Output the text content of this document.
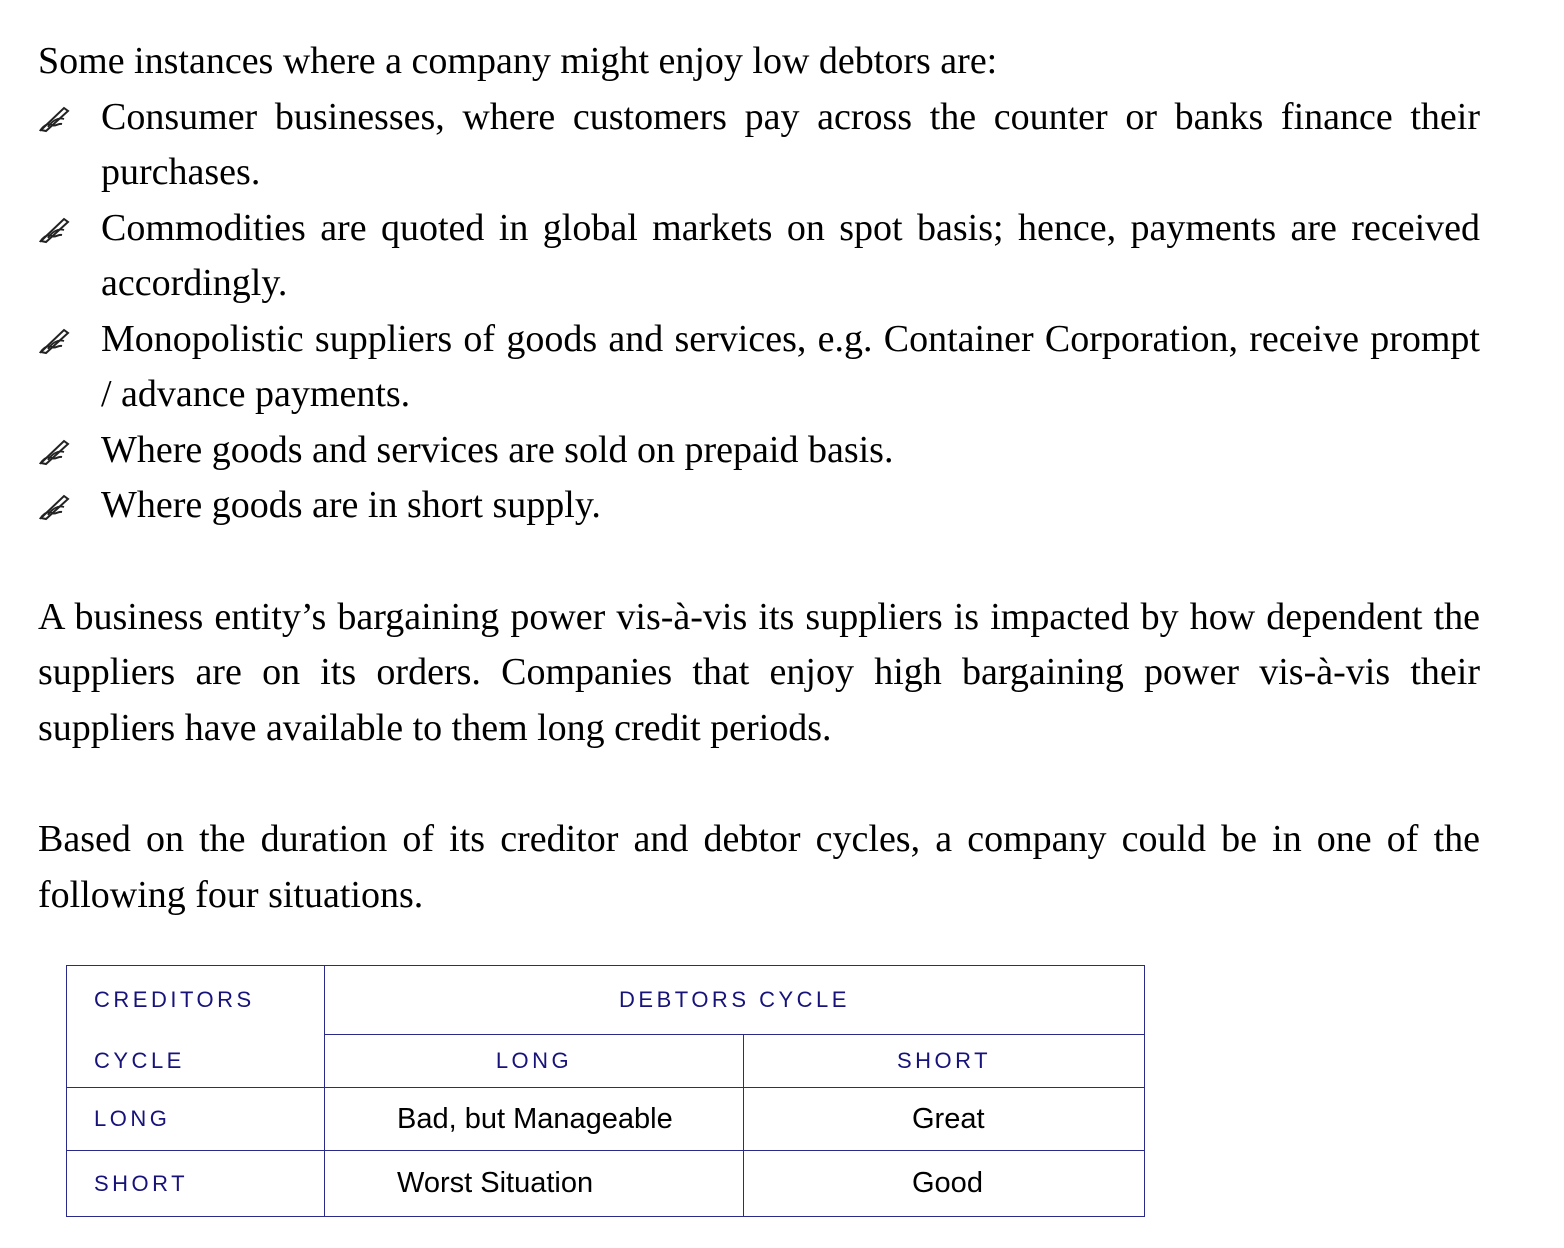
Some instances where a company might enjoy low debtors are:

Consumer businesses, where customers pay across the counter or banks finance their purchases.
Commodities are quoted in global markets on spot basis; hence, payments are received accordingly.
Monopolistic suppliers of goods and services, e.g. Container Corporation, receive prompt / advance payments.
Where goods and services are sold on prepaid basis.
Where goods are in short supply.

A business entity’s bargaining power vis-à-vis its suppliers is impacted by how dependent the suppliers are on its orders. Companies that enjoy high bargaining power vis-à-vis their suppliers have available to them long credit periods.

Based on the duration of its creditor and debtor cycles, a company could be in one of the following four situations.

CREDITORS	DEBTORS CYCLE	
CYCLE	LONG	SHORT
LONG	Bad, but Manageable	Great
SHORT	Worst Situation	Good
